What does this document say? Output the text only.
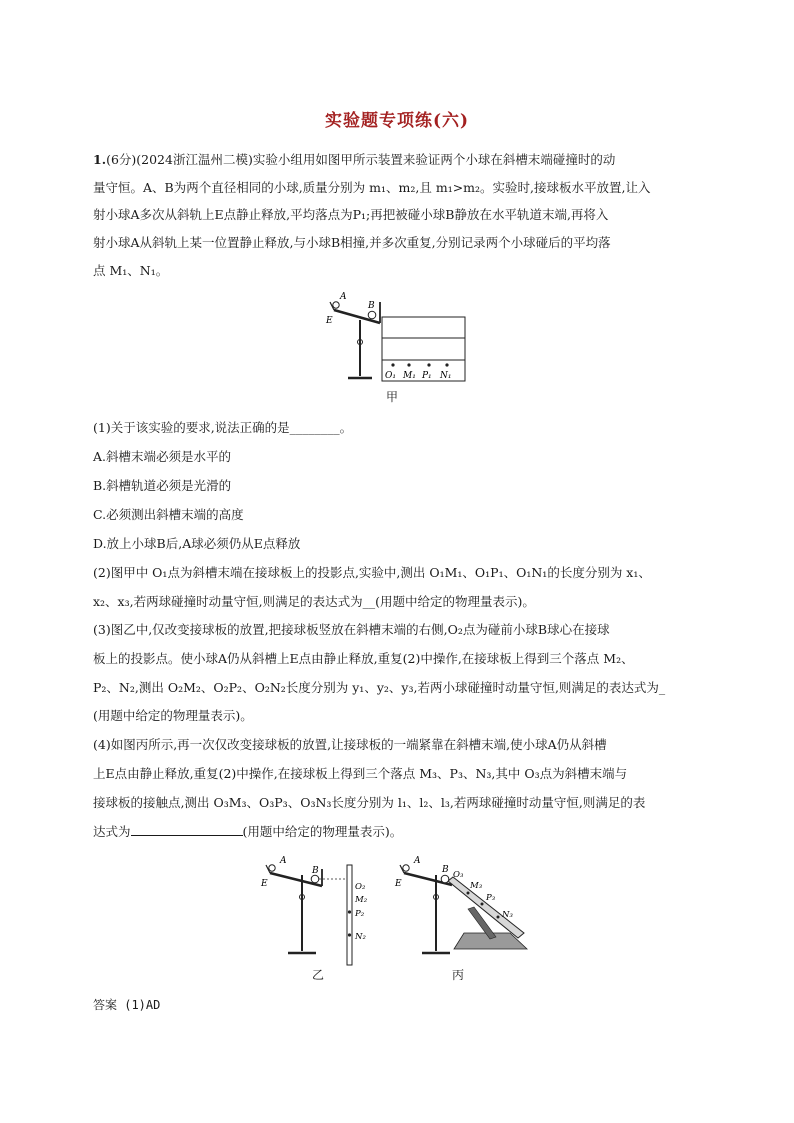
实验题专项练(六)
1.(6分)(2024浙江温州二模)实验小组用如图甲所示装置来验证两个小球在斜槽末端碰撞时的动
量守恒。A、B为两个直径相同的小球,质量分别为 m₁、m₂,且 m₁>m₂。实验时,接球板水平放置,让入
射小球A多次从斜轨上E点静止释放,平均落点为P₁;再把被碰小球B静放在水平轨道末端,再将入
射小球A从斜轨上某一位置静止释放,与小球B相撞,并多次重复,分别记录两个小球碰后的平均落
点 M₁、N₁。
A
B
E
O₁ M₁ P₁ N₁
甲
(1)关于该实验的要求,说法正确的是________。
A.斜槽末端必须是水平的
B.斜槽轨道必须是光滑的
C.必须测出斜槽末端的高度
D.放上小球B后,A球必须仍从E点释放
(2)图甲中 O₁点为斜槽末端在接球板上的投影点,实验中,测出 O₁M₁、O₁P₁、O₁N₁的长度分别为 x₁、
x₂、x₃,若两球碰撞时动量守恒,则满足的表达式为__(用题中给定的物理量表示)。
(3)图乙中,仅改变接球板的放置,把接球板竖放在斜槽末端的右侧,O₂点为碰前小球B球心在接球
板上的投影点。使小球A仍从斜槽上E点由静止释放,重复(2)中操作,在接球板上得到三个落点 M₂、
P₂、N₂,测出 O₂M₂、O₂P₂、O₂N₂长度分别为 y₁、y₂、y₃,若两小球碰撞时动量守恒,则满足的表达式为_
(用题中给定的物理量表示)。
(4)如图丙所示,再一次仅改变接球板的放置,让接球板的一端紧靠在斜槽末端,使小球A仍从斜槽
上E点由静止释放,重复(2)中操作,在接球板上得到三个落点 M₃、P₃、N₃,其中 O₃点为斜槽末端与
接球板的接触点,测出 O₃M₃、O₃P₃、O₃N₃长度分别为 l₁、l₂、l₃,若两球碰撞时动量守恒,则满足的表
达式为	(用题中给定的物理量表示)。
A
B
E	O₂
M₂
P₂
N₂
乙
A
B
E
O₃
M₃
P₃
N₃
丙
答案 (1)AD
